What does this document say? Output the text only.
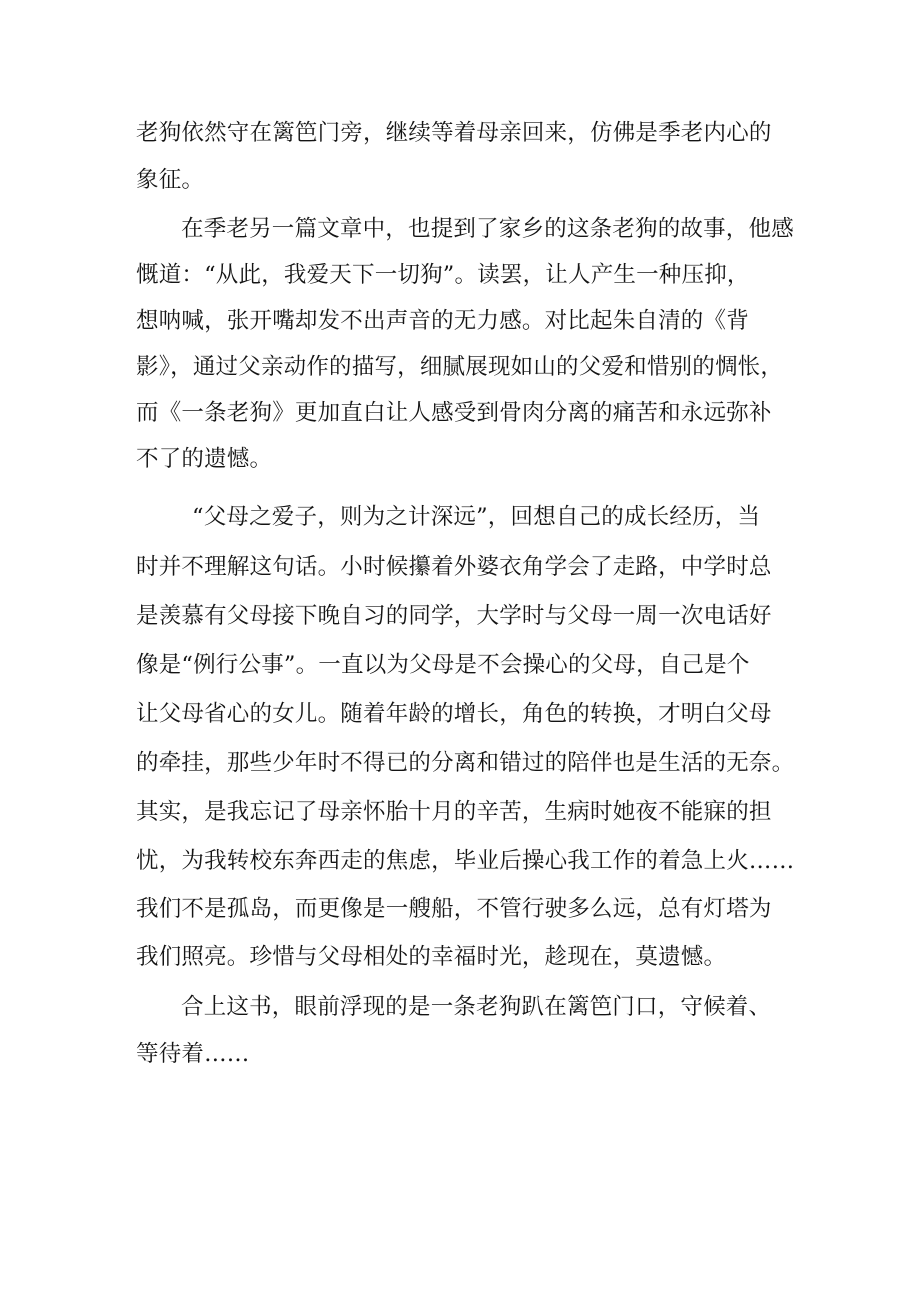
老狗依然守在篱笆门旁，继续等着母亲回来，仿佛是季老内心的
象征。
在季老另一篇文章中，也提到了家乡的这条老狗的故事，他感
慨道：“从此，我爱天下一切狗”。读罢，让人产生一种压抑，
想呐喊，张开嘴却发不出声音的无力感。对比起朱自清的《背
影》，通过父亲动作的描写，细腻展现如山的父爱和惜别的惆怅，
而《一条老狗》更加直白让人感受到骨肉分离的痛苦和永远弥补
不了的遗憾。
“父母之爱子，则为之计深远”，回想自己的成长经历，当
时并不理解这句话。小时候攥着外婆衣角学会了走路，中学时总
是羡慕有父母接下晚自习的同学，大学时与父母一周一次电话好
像是“例行公事”。一直以为父母是不会操心的父母，自己是个
让父母省心的女儿。随着年龄的增长，角色的转换，才明白父母
的牵挂，那些少年时不得已的分离和错过的陪伴也是生活的无奈。
其实，是我忘记了母亲怀胎十月的辛苦，生病时她夜不能寐的担
忧，为我转校东奔西走的焦虑，毕业后操心我工作的着急上火……
我们不是孤岛，而更像是一艘船，不管行驶多么远，总有灯塔为
我们照亮。珍惜与父母相处的幸福时光，趁现在，莫遗憾。
合上这书，眼前浮现的是一条老狗趴在篱笆门口，守候着、
等待着……
